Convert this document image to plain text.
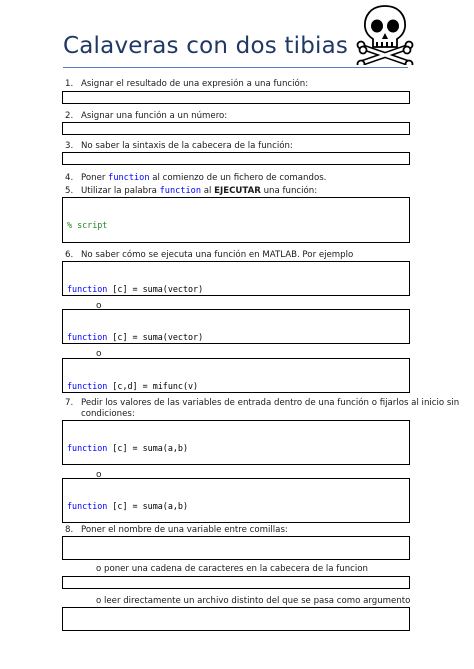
Calaveras con dos tibias
1. Asignar el resultado de una expresión a una función:

2. Asignar una función a un número:

3. No saber la sintaxis de la cabecera de la función:

4. Poner function al comienzo de un fichero de comandos.
5. Utilizar la palabra function al EJECUTAR una función:

% script

6. No saber cómo se ejecuta una función en MATLAB. Por ejemplo

function [c] = suma(vector)

o

function [c] = suma(vector)

o

function [c,d] = mifunc(v)

7. Pedir los valores de las variables de entrada dentro de una función o fijarlos al inicio sin
condiciones:

function [c] = suma(a,b)

o

function [c] = suma(a,b)

8. Poner el nombre de una variable entre comillas:

o poner una cadena de caracteres en la cabecera de la funcion

o leer directamente un archivo distinto del que se pasa como argumento
